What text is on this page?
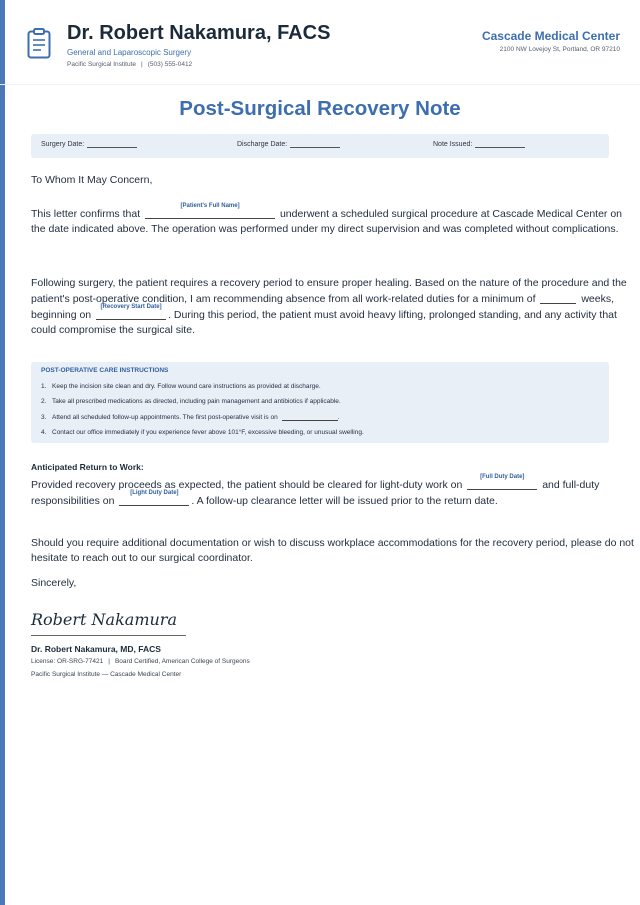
Dr. Robert Nakamura, FACS
General and Laparoscopic Surgery
Pacific Surgical Institute | (503) 555-0412
Cascade Medical Center
2100 NW Lovejoy St, Portland, OR 97210
Post-Surgical Recovery Note
Surgery Date:	Discharge Date:	Note Issued:
To Whom It May Concern,
This letter confirms that
[Patient's Full Name]
underwent a scheduled surgical procedure at Cascade Medical Center on
the date indicated above. The operation was performed under my direct supervision and was completed without complications.
Following surgery, the patient requires a recovery period to ensure proper healing. Based on the nature of the procedure and the
patient's post-operative condition, I am recommending absence from all work-related duties for a minimum of	weeks,
beginning on
[Recovery Start Date]
. During this period, the patient must avoid heavy lifting, prolonged standing, and any activity that
could compromise the surgical site.
POST-OPERATIVE CARE INSTRUCTIONS
1. Keep the incision site clean and dry. Follow wound care instructions as provided at discharge.
2. Take all prescribed medications as directed, including pain management and antibiotics if applicable.
3. Attend all scheduled follow-up appointments. The first post-operative visit is on	.
4. Contact our office immediately if you experience fever above 101°F, excessive bleeding, or unusual swelling.
Anticipated Return to Work:
Provided recovery proceeds as expected, the patient should be cleared for light-duty work on
[Full Duty Date]
and full-duty
responsibilities on
[Light Duty Date]
. A follow-up clearance letter will be issued prior to the return date.
Should you require additional documentation or wish to discuss workplace accommodations for the recovery period, please do not
hesitate to reach out to our surgical coordinator.
Sincerely,
Robert Nakamura
Dr. Robert Nakamura, MD, FACS
License: OR-SRG-77421 | Board Certified, American College of Surgeons
Pacific Surgical Institute — Cascade Medical Center
